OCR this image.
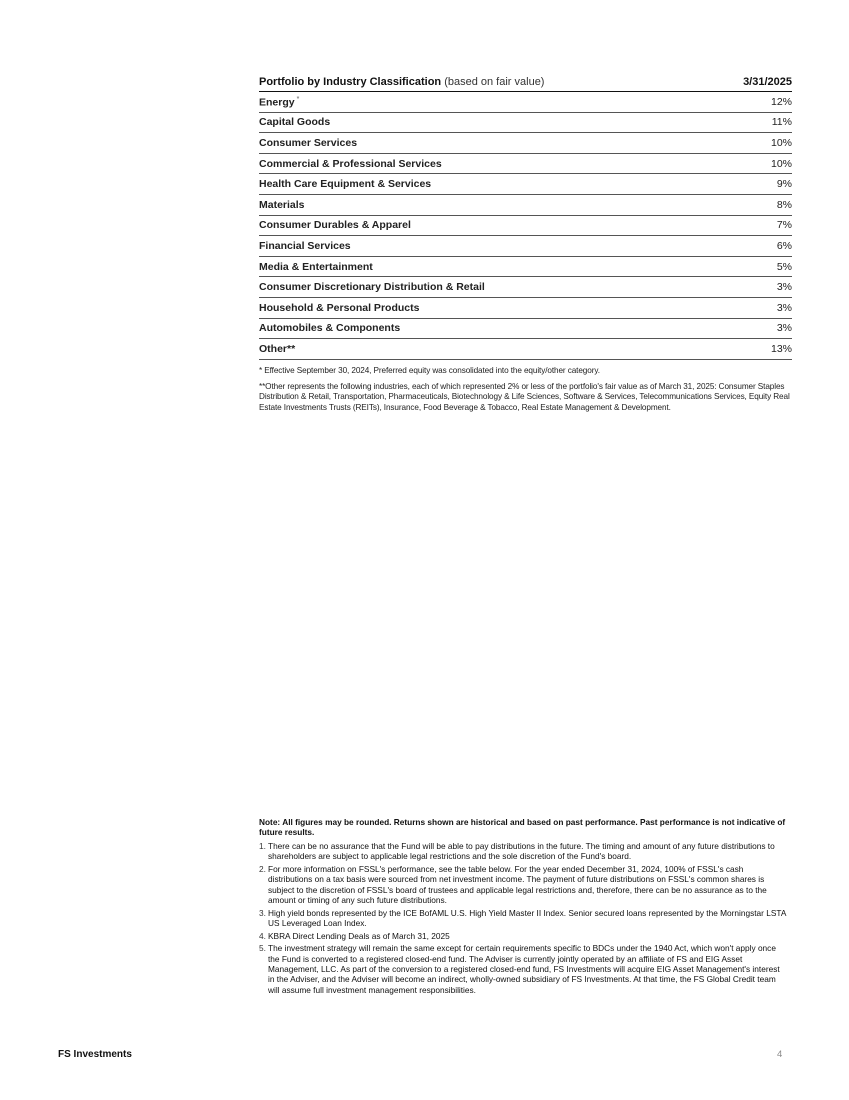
Portfolio by Industry Classification (based on fair value)	3/31/2025
Energy *	12%
Capital Goods	11%
Consumer Services	10%
Commercial & Professional Services	10%
Health Care Equipment & Services	9%
Materials	8%
Consumer Durables & Apparel	7%
Financial Services	6%
Media & Entertainment	5%
Consumer Discretionary Distribution & Retail	3%
Household & Personal Products	3%
Automobiles & Components	3%
Other**	13%
* Effective September 30, 2024, Preferred equity was consolidated into the equity/other category.
**Other represents the following industries, each of which represented 2% or less of the portfolio's fair value as of March 31, 2025: Consumer Staples Distribution & Retail, Transportation, Pharmaceuticals, Biotechnology & Life Sciences, Software & Services, Telecommunications Services, Equity Real Estate Investments Trusts (REITs), Insurance, Food Beverage & Tobacco, Real Estate Management & Development.
Note: All figures may be rounded. Returns shown are historical and based on past performance. Past performance is not indicative of future results.
1. There can be no assurance that the Fund will be able to pay distributions in the future. The timing and amount of any future distributions to shareholders are subject to applicable legal restrictions and the sole discretion of the Fund's board.
2. For more information on FSSL's performance, see the table below. For the year ended December 31, 2024, 100% of FSSL's cash distributions on a tax basis were sourced from net investment income. The payment of future distributions on FSSL's common shares is subject to the discretion of FSSL's board of trustees and applicable legal restrictions and, therefore, there can be no assurance as to the amount or timing of any such future distributions.
3. High yield bonds represented by the ICE BofAML U.S. High Yield Master II Index. Senior secured loans represented by the Morningstar LSTA US Leveraged Loan Index.
4. KBRA Direct Lending Deals as of March 31, 2025
5. The investment strategy will remain the same except for certain requirements specific to BDCs under the 1940 Act, which won't apply once the Fund is converted to a registered closed-end fund. The Adviser is currently jointly operated by an affiliate of FS and EIG Asset Management, LLC. As part of the conversion to a registered closed-end fund, FS Investments will acquire EIG Asset Management's interest in the Adviser, and the Adviser will become an indirect, wholly-owned subsidiary of FS Investments. At that time, the FS Global Credit team will assume full investment management responsibilities.
FS Investments	4
